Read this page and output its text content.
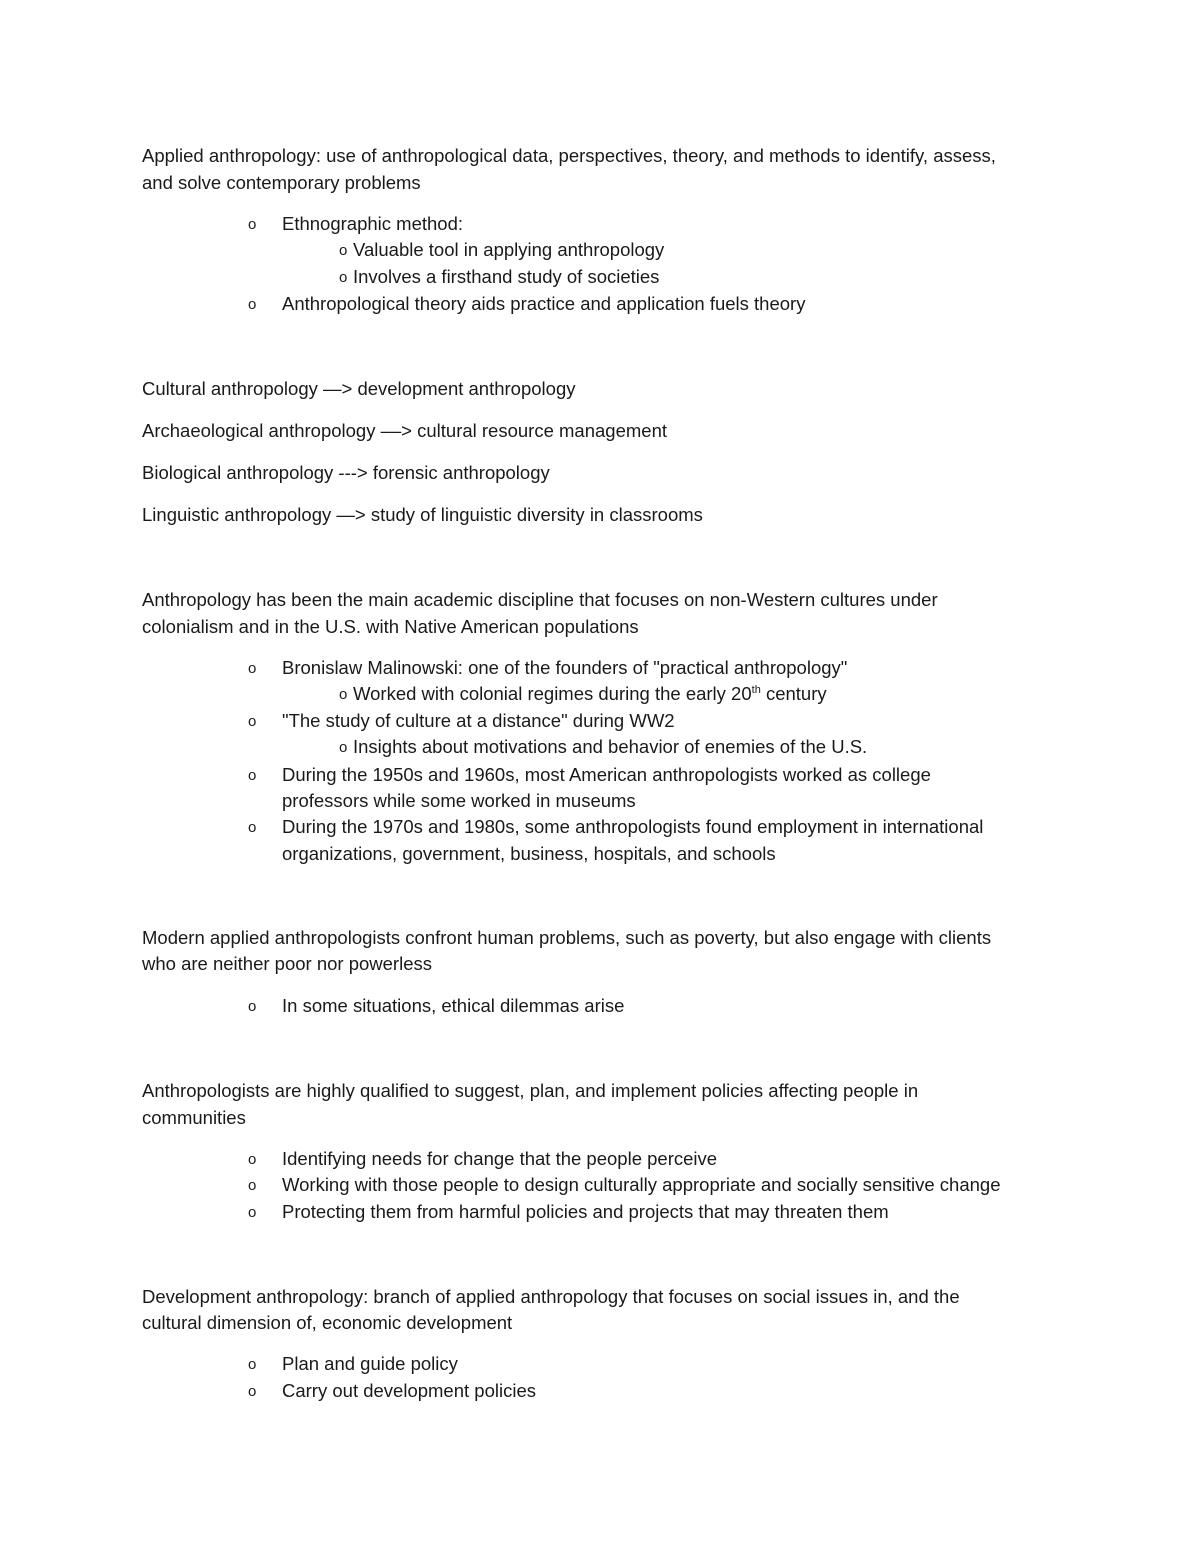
Applied anthropology: use of anthropological data, perspectives, theory, and methods to identify, assess,
and solve contemporary problems
o Ethnographic method:
o Valuable tool in applying anthropology
o Involves a firsthand study of societies
o Anthropological theory aids practice and application fuels theory
Cultural anthropology —> development anthropology
Archaeological anthropology ––> cultural resource management
Biological anthropology ---> forensic anthropology
Linguistic anthropology —> study of linguistic diversity in classrooms
Anthropology has been the main academic discipline that focuses on non-Western cultures under
colonialism and in the U.S. with Native American populations
o Bronislaw Malinowski: one of the founders of "practical anthropology"
o Worked with colonial regimes during the early 20th century
o "The study of culture at a distance" during WW2
o Insights about motivations and behavior of enemies of the U.S.
o During the 1950s and 1960s, most American anthropologists worked as college
professors while some worked in museums
o During the 1970s and 1980s, some anthropologists found employment in international
organizations, government, business, hospitals, and schools
Modern applied anthropologists confront human problems, such as poverty, but also engage with clients
who are neither poor nor powerless
o In some situations, ethical dilemmas arise
Anthropologists are highly qualified to suggest, plan, and implement policies affecting people in
communities
o Identifying needs for change that the people perceive
o Working with those people to design culturally appropriate and socially sensitive change
o Protecting them from harmful policies and projects that may threaten them
Development anthropology: branch of applied anthropology that focuses on social issues in, and the
cultural dimension of, economic development
o Plan and guide policy
o Carry out development policies
